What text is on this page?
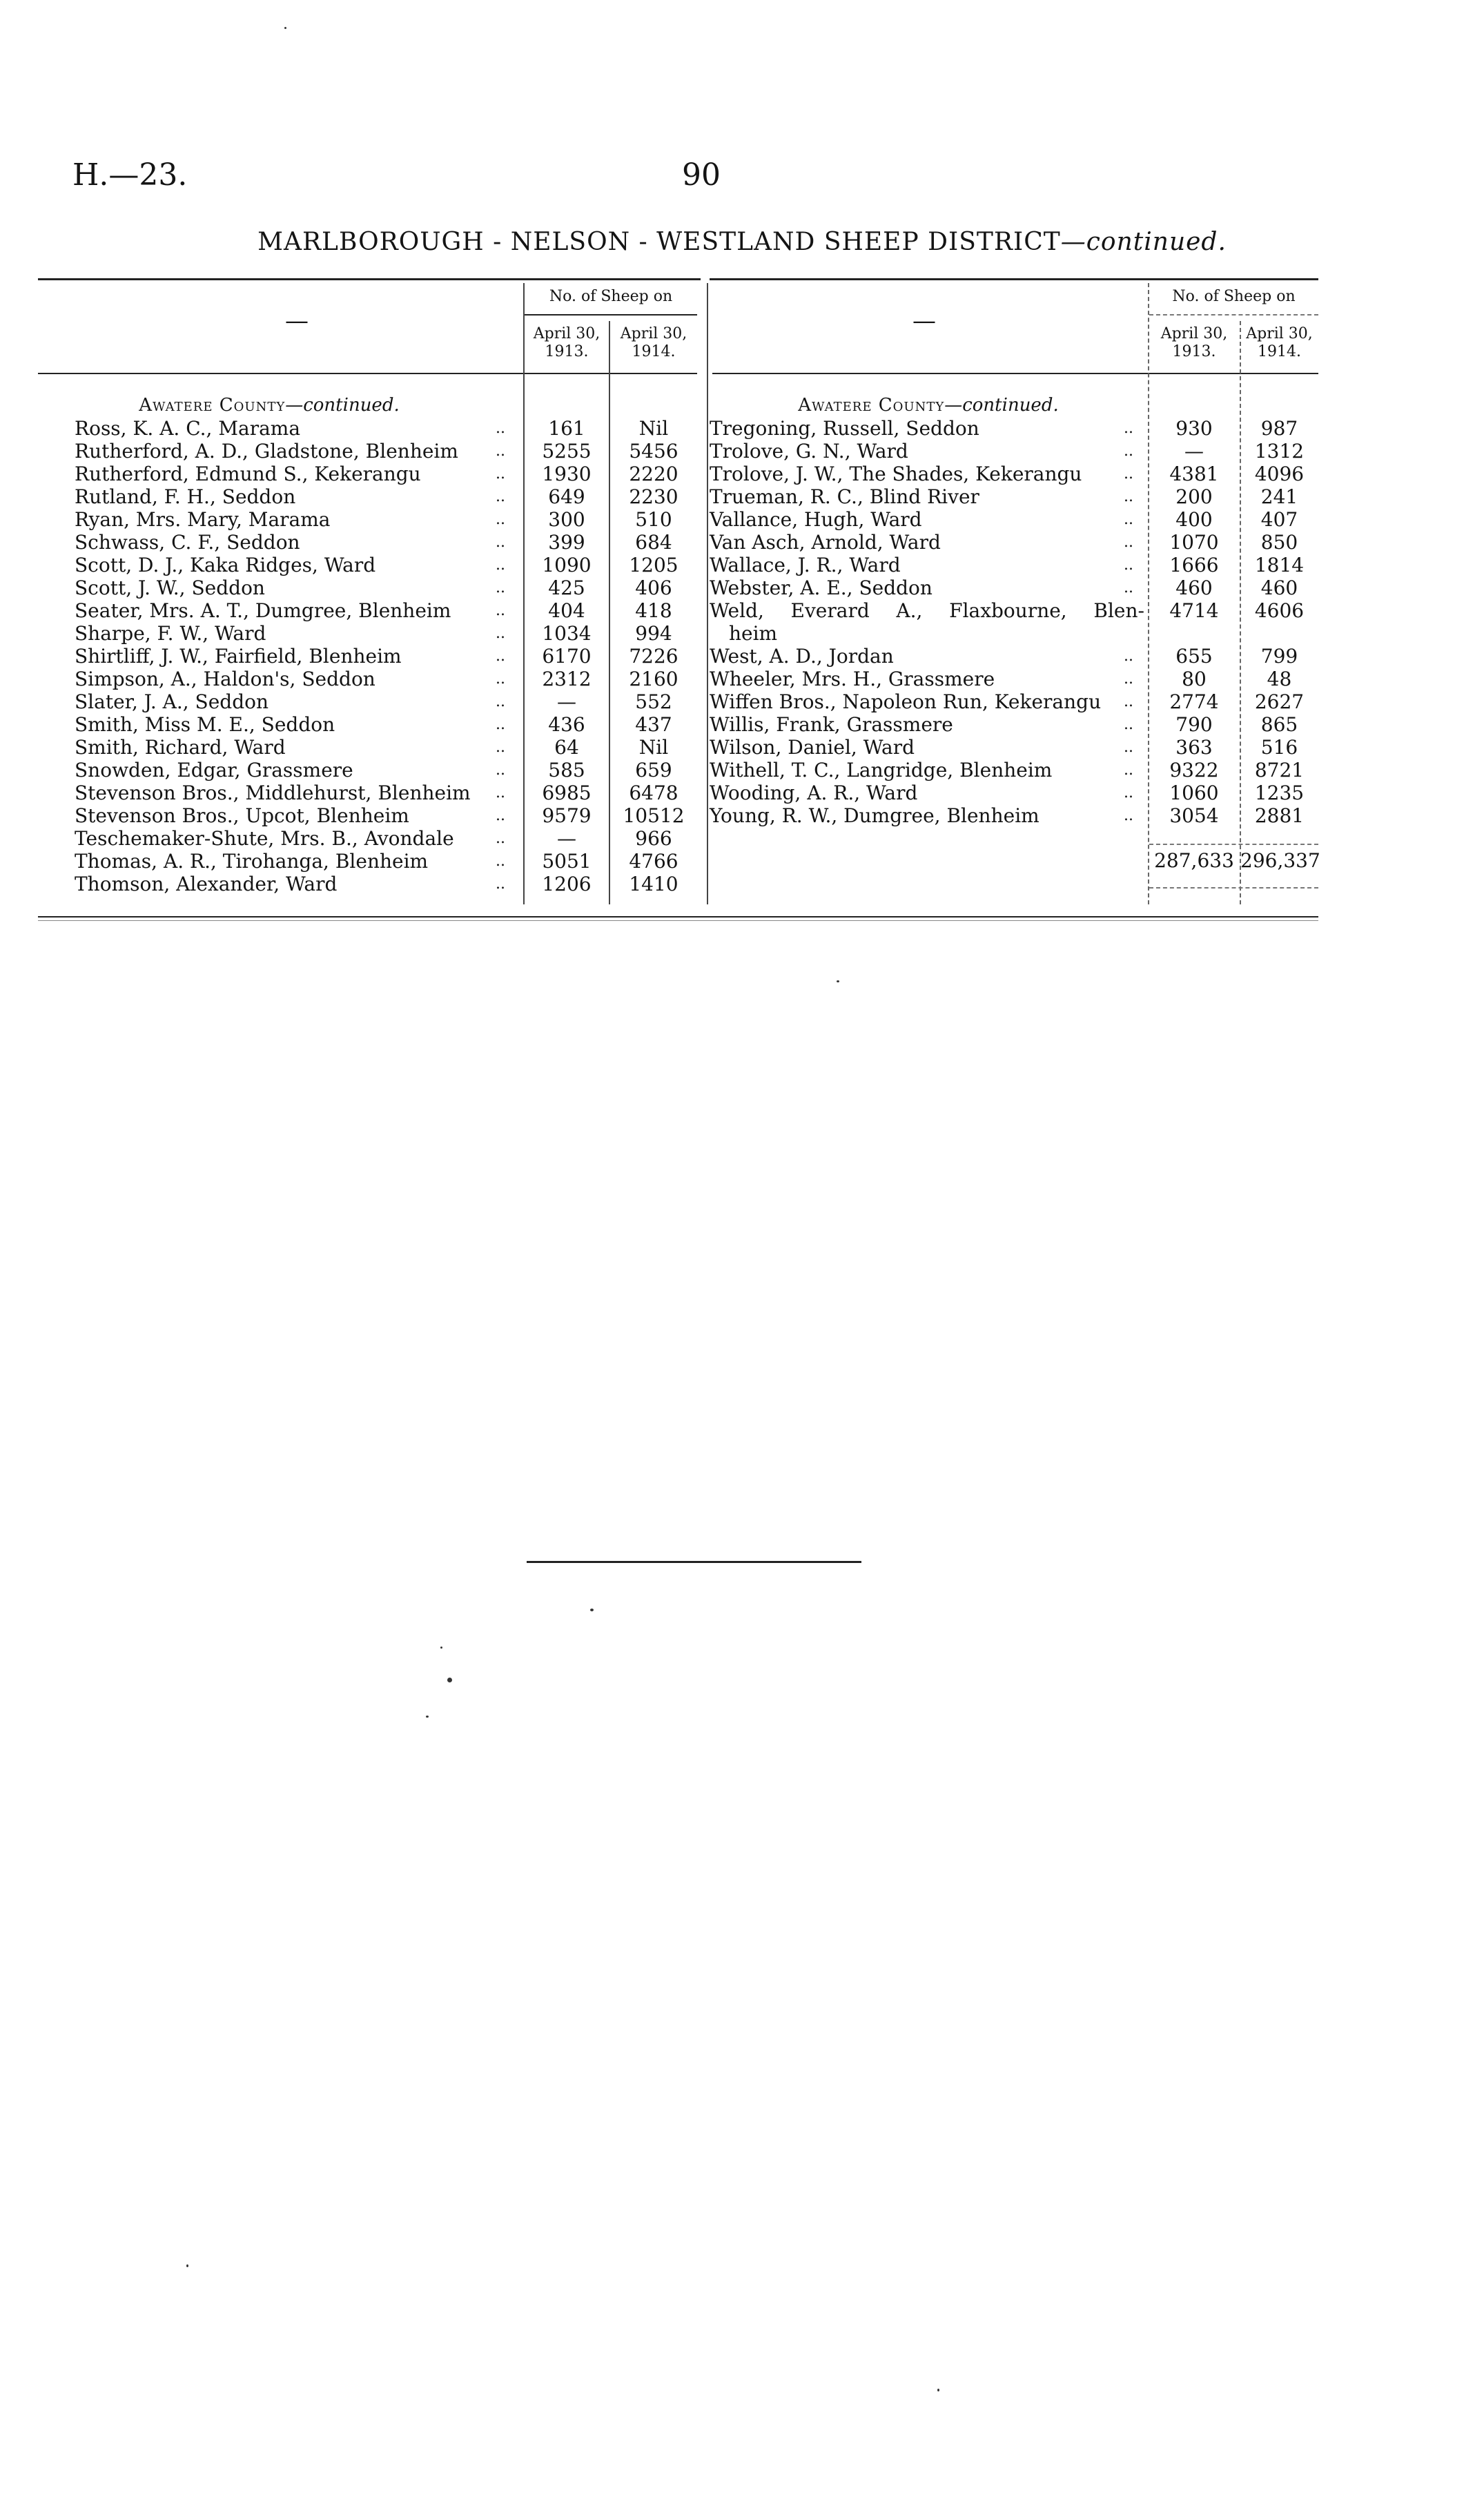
H.—23.	90
MARLBOROUGH - NELSON - WESTLAND SHEEP DISTRICT—continued.
—
No. of Sheep on
April 30,
1913.
April 30,
1914.
—
No. of Sheep on
April 30,
1913.
April 30,
1914.
Awatere County—continued.	Awatere County—continued.
Ross, K. A. C., Marama	..	161	Nil
Rutherford, A. D., Gladstone, Blenheim ..	5255	5456
Rutherford, Edmund S., Kekerangu	..	1930	2220
Rutland, F. H., Seddon	..	649	2230
Ryan, Mrs. Mary, Marama	..	300	510
Schwass, C. F., Seddon	..	399	684
Scott, D. J., Kaka Ridges, Ward	..	1090	1205
Scott, J. W., Seddon	..	425	406
Seater, Mrs. A. T., Dumgree, Blenheim	..	404	418
Sharpe, F. W., Ward	..	1034	994
Shirtliff, J. W., Fairfield, Blenheim	..	6170	7226
Simpson, A., Haldon's, Seddon	..	2312	2160
Slater, J. A., Seddon	..	—	552
Smith, Miss M. E., Seddon	..	436	437
Smith, Richard, Ward	..	64	Nil
Snowden, Edgar, Grassmere	..	585	659
Stevenson Bros., Middlehurst, Blenheim ..	6985	6478
Stevenson Bros., Upcot, Blenheim	..	9579	10512
Teschemaker-Shute, Mrs. B., Avondale	..	—	966
Thomas, A. R., Tirohanga, Blenheim	..	5051	4766
Thomson, Alexander, Ward	..	1206	1410
Tregoning, Russell, Seddon	..	930	987
Trolove, G. N., Ward	..	—	1312
Trolove, J. W., The Shades, Kekerangu	..	4381	4096
Trueman, R. C., Blind River	..	200	241
Vallance, Hugh, Ward	..	400	407
Van Asch, Arnold, Ward	..	1070	850
Wallace, J. R., Ward	..	1666	1814
Webster, A. E., Seddon	..	460	460
Weld, Everard A., Flaxbourne, Blen-	4714	4606
heim
West, A. D., Jordan	..	655	799
Wheeler, Mrs. H., Grassmere	..	80	48
Wiffen Bros., Napoleon Run, Kekerangu ..	2774	2627
Willis, Frank, Grassmere	..	790	865
Wilson, Daniel, Ward	..	363	516
Withell, T. C., Langridge, Blenheim	..	9322	8721
Wooding, A. R., Ward	..	1060	1235
Young, R. W., Dumgree, Blenheim	..	3054	2881
287,633 296,337
